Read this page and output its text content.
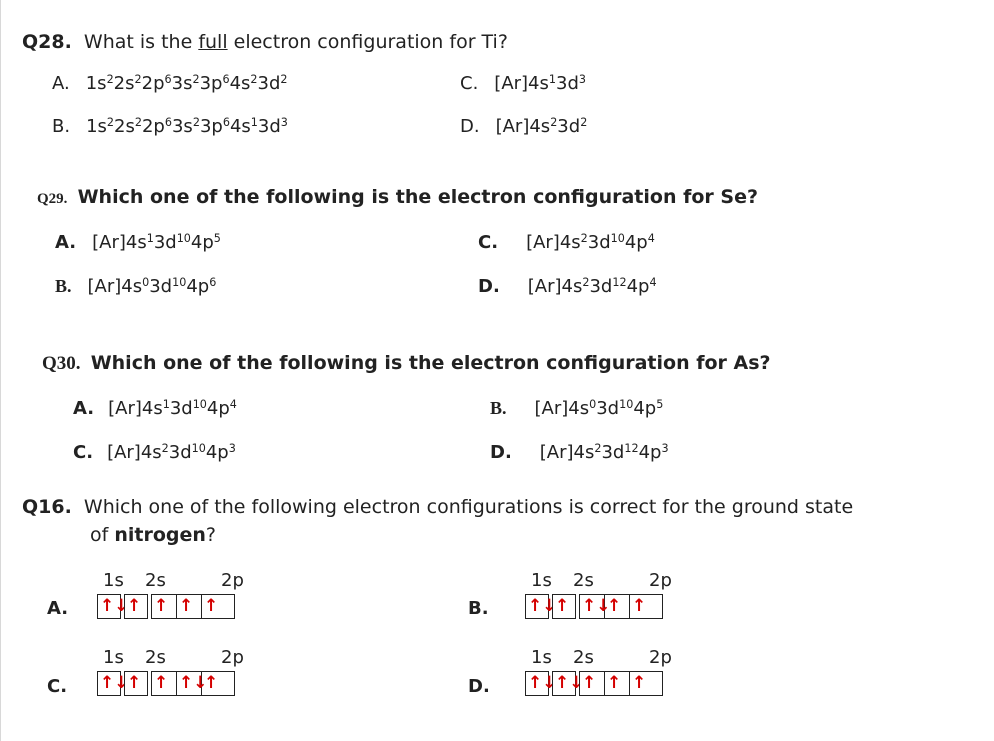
Q28. What is the full electron configuration for Ti?
A. $1s^22s^22p^63s^23p^64s^23d^2$
B. $1s^22s^22p^63s^23p^64s^13d^3$
C. $[Ar]4s^13d^3$
D. $[Ar]4s^23d^2$
Q29. Which one of the following is the electron configuration for Se?
A. $[Ar]4s^13d^{10}4p^5$
B. $[Ar]4s^03d^{10}4p^6$
C. $[Ar]4s^23d^{10}4p^4$
D. $[Ar]4s^23d^{12}4p^4$
Q30. Which one of the following is the electron configuration for As?
A. $[Ar]4s^13d^{10}4p^4$
C. $[Ar]4s^23d^{10}4p^3$
B. $[Ar]4s^03d^{10}4p^5$
D. $[Ar]4s^23d^{12}4p^3$
Q16. Which one of the following electron configurations is correct for the ground state
of nitrogen?
A.
1s 2s	2p
↑↓
↑ ↑ ↑ ↑	B.
1s 2s	2p
↑↓
↑ ↑↓
↑ ↑
C.
1s 2s	2p
↑↓
↑ ↑ ↑↓
↑	D.
1s 2s	2p
↑↓
↑↓
↑ ↑ ↑
